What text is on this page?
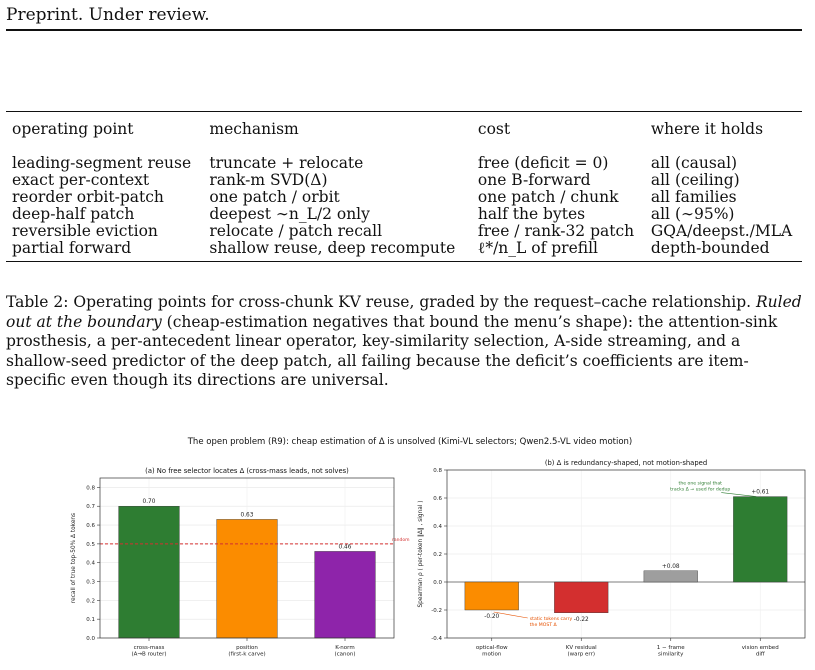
Preprint. Under review.
operating point	mechanism	cost	where it holds
leading-segment reuse	truncate + relocate	free (deficit = 0)	all (causal)
exact per-context	rank-m SVD(Δ)	one B-forward	all (ceiling)
reorder orbit-patch	one patch / orbit	one patch / chunk	all families
deep-half patch	deepest ∼n_L/2 only	half the bytes	all (∼95%)
reversible eviction	relocate / patch recall	free / rank-32 patch	GQA/deepst./MLA
partial forward	shallow reuse, deep recompute	ℓ*/n_L of prefill	depth-bounded
Table 2: Operating points for cross-chunk KV reuse, graded by the request–cache relationship. Ruled out at the boundary (cheap-estimation negatives that bound the menu’s shape): the attention-sink prosthesis, a per-antecedent linear operator, key-similarity selection, A-side streaming, and a shallow-seed predictor of the deep patch, all failing because the deficit’s coefficients are item-specific even though its directions are universal.
The open problem (R9): cheap estimation of Δ is unsolved (Kimi-VL selectors; Qwen2.5-VL video motion)
0.0
0.1
0.2
0.3
0.4
0.5
0.6
0.7
0.8
0.70
0.63
0.46
random
cross-mass
(A→B router)
position
(first-k carve)
K-norm
(canon)
(a) No free selector locates Δ (cross-mass leads, not solves)
recall of true top-50% Δ tokens
-0.4
-0.2
0.0
0.2
0.4
0.6
0.8
-0.20	-0.22
+0.08
+0.61
optical-flow
motion
KV residual
(warp err)
1 − frame
similarity
vision embed
diff
(b) Δ is redundancy-shaped, not motion-shaped
Spearman ρ ( per-token ‖Δ‖ , signal )
static tokens carry
the MOST Δ
the one signal that
tracks Δ → used for dedup
